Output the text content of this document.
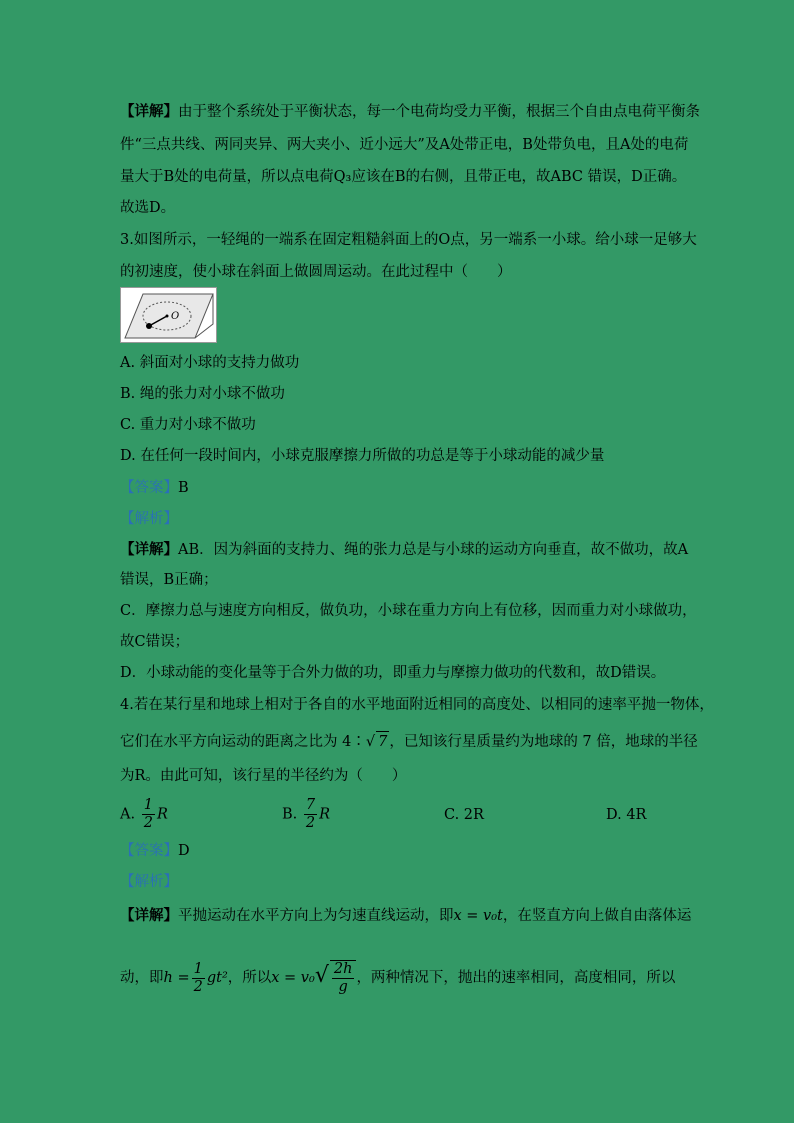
【详解】由于整个系统处于平衡状态，每一个电荷均受力平衡，根据三个自由点电荷平衡条
件“三点共线、两同夹异、两大夹小、近小远大”及A处带正电，B处带负电，且A处的电荷
量大于B处的电荷量，所以点电荷Q₃应该在B的右侧，且带正电，故ABC 错误，D正确。
故选D。
3.如图所示，一轻绳的一端系在固定粗糙斜面上的O点，另一端系一小球。给小球一足够大
的初速度，使小球在斜面上做圆周运动。在此过程中（　　）
O
A. 斜面对小球的支持力做功
B. 绳的张力对小球不做功
C. 重力对小球不做功
D. 在任何一段时间内，小球克服摩擦力所做的功总是等于小球动能的减少量
【答案】B
【解析】
【详解】AB．因为斜面的支持力、绳的张力总是与小球的运动方向垂直，故不做功，故A
错误，B正确；
C．摩擦力总与速度方向相反，做负功，小球在重力方向上有位移，因而重力对小球做功，
故C错误；
D．小球动能的变化量等于合外力做的功，即重力与摩擦力做功的代数和，故D错误。
4.若在某行星和地球上相对于各自的水平地面附近相同的高度处、以相同的速率平抛一物体，
它们在水平方向运动的距离之比为 4∶√ 7 ，已知该行星质量约为地球的 7 倍，地球的半径
为R。由此可知，该行星的半径约为（　　）
A. $\frac{1}{2}$ R	B. $\frac{7}{2}$ R	C. 2R	D. 4R
【答案】D
【解析】
【详解】平抛运动在水平方向上为匀速直线运动，即x = v₀t，在竖直方向上做自由落体运
动，即$h = \frac{1}{2} gt^2$，所以$x = v_0√ \frac{2h}{g}$ ，两种情况下，抛出的速率相同，高度相同，所以
